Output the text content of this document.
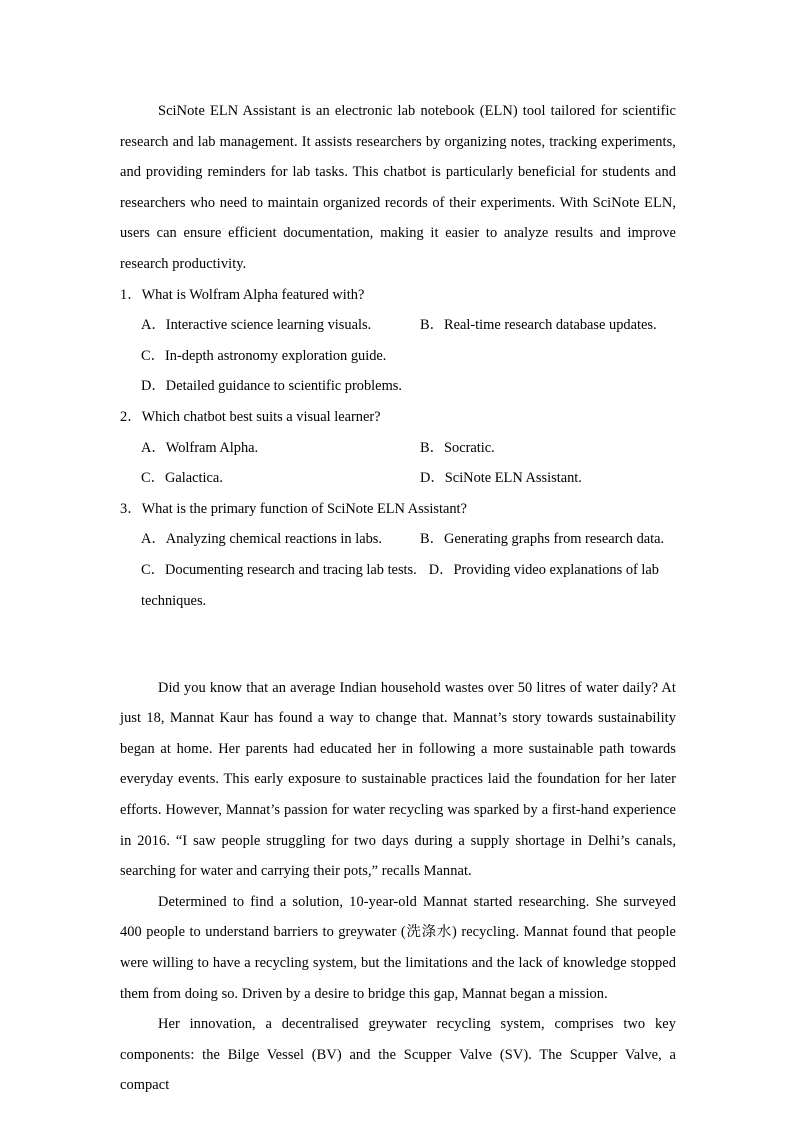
SciNote ELN Assistant is an electronic lab notebook (ELN) tool tailored for scientific research and lab management. It assists researchers by organizing notes, tracking experiments, and providing reminders for lab tasks. This chatbot is particularly beneficial for students and researchers who need to maintain organized records of their experiments. With SciNote ELN, users can ensure efficient documentation, making it easier to analyze results and improve research productivity.

1．What is Wolfram Alpha featured with?
A．Interactive science learning visuals.	B．Real-time research database updates.
C．In-depth astronomy exploration guide.D．Detailed guidance to scientific problems.
2．Which chatbot best suits a visual learner?
A．Wolfram Alpha.	B．Socratic.
C．Galactica.	D．SciNote ELN Assistant.
3．What is the primary function of SciNote ELN Assistant?
A．Analyzing chemical reactions in labs.	B．Generating graphs from research data.
C．Documenting research and tracing lab tests. D．Providing video explanations of lab techniques.

Did you know that an average Indian household wastes over 50 litres of water daily? At just 18, Mannat Kaur has found a way to change that. Mannat’s story towards sustainability began at home. Her parents had educated her in following a more sustainable path towards everyday events. This early exposure to sustainable practices laid the foundation for her later efforts. However, Mannat’s passion for water recycling was sparked by a first-hand experience in 2016. “I saw people struggling for two days during a supply shortage in Delhi’s canals, searching for water and carrying their pots,” recalls Mannat.

Determined to find a solution, 10-year-old Mannat started researching. She surveyed 400 people to understand barriers to greywater (洗涤水) recycling. Mannat found that people were willing to have a recycling system, but the limitations and the lack of knowledge stopped them from doing so. Driven by a desire to bridge this gap, Mannat began a mission.

Her innovation, a decentralised greywater recycling system, comprises two key components: the Bilge Vessel (BV) and the Scupper Valve (SV). The Scupper Valve, a compact
